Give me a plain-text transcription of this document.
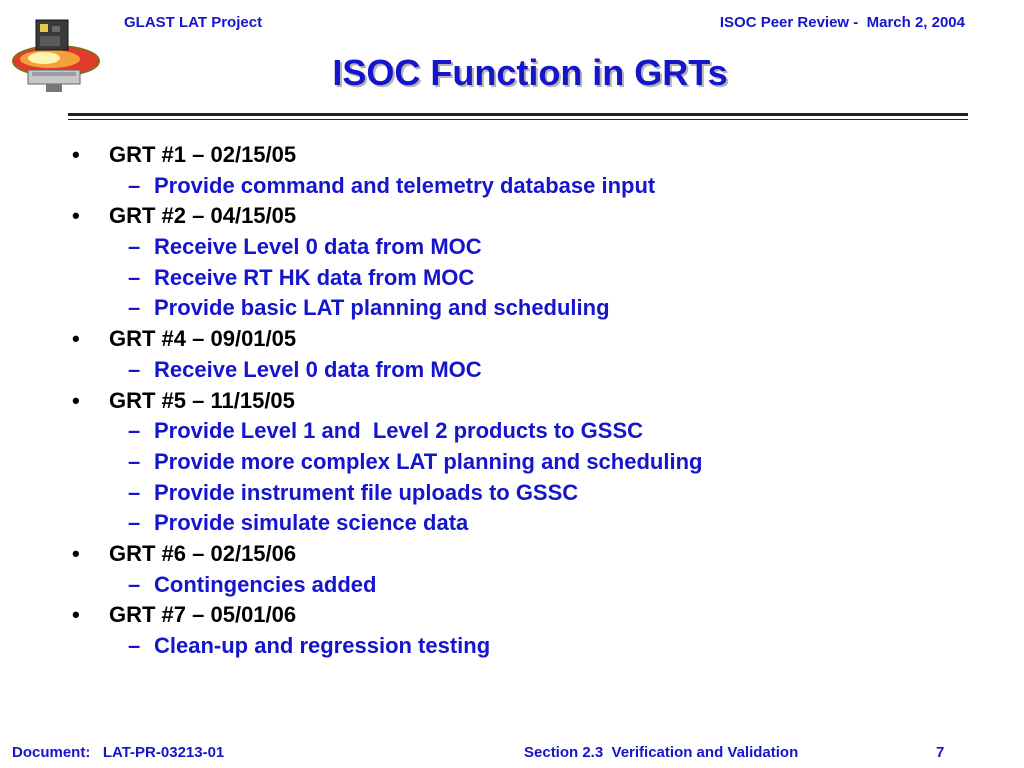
GLAST LAT Project	ISOC Peer Review -  March 2, 2004
ISOC Function in GRTs
• GRT #1 – 02/15/05
– Provide command and telemetry database input
• GRT #2 – 04/15/05
– Receive Level 0 data from MOC
– Receive RT HK data from MOC
– Provide basic LAT planning and scheduling
• GRT #4 – 09/01/05
– Receive Level 0 data from MOC
• GRT #5 – 11/15/05
– Provide Level 1 and  Level 2 products to GSSC
– Provide more complex LAT planning and scheduling
– Provide instrument file uploads to GSSC
– Provide simulate science data
• GRT #6 – 02/15/06
– Contingencies added
• GRT #7 – 05/01/06
– Clean-up and regression testing
Document:   LAT-PR-03213-01	Section 2.3  Verification and Validation	7
